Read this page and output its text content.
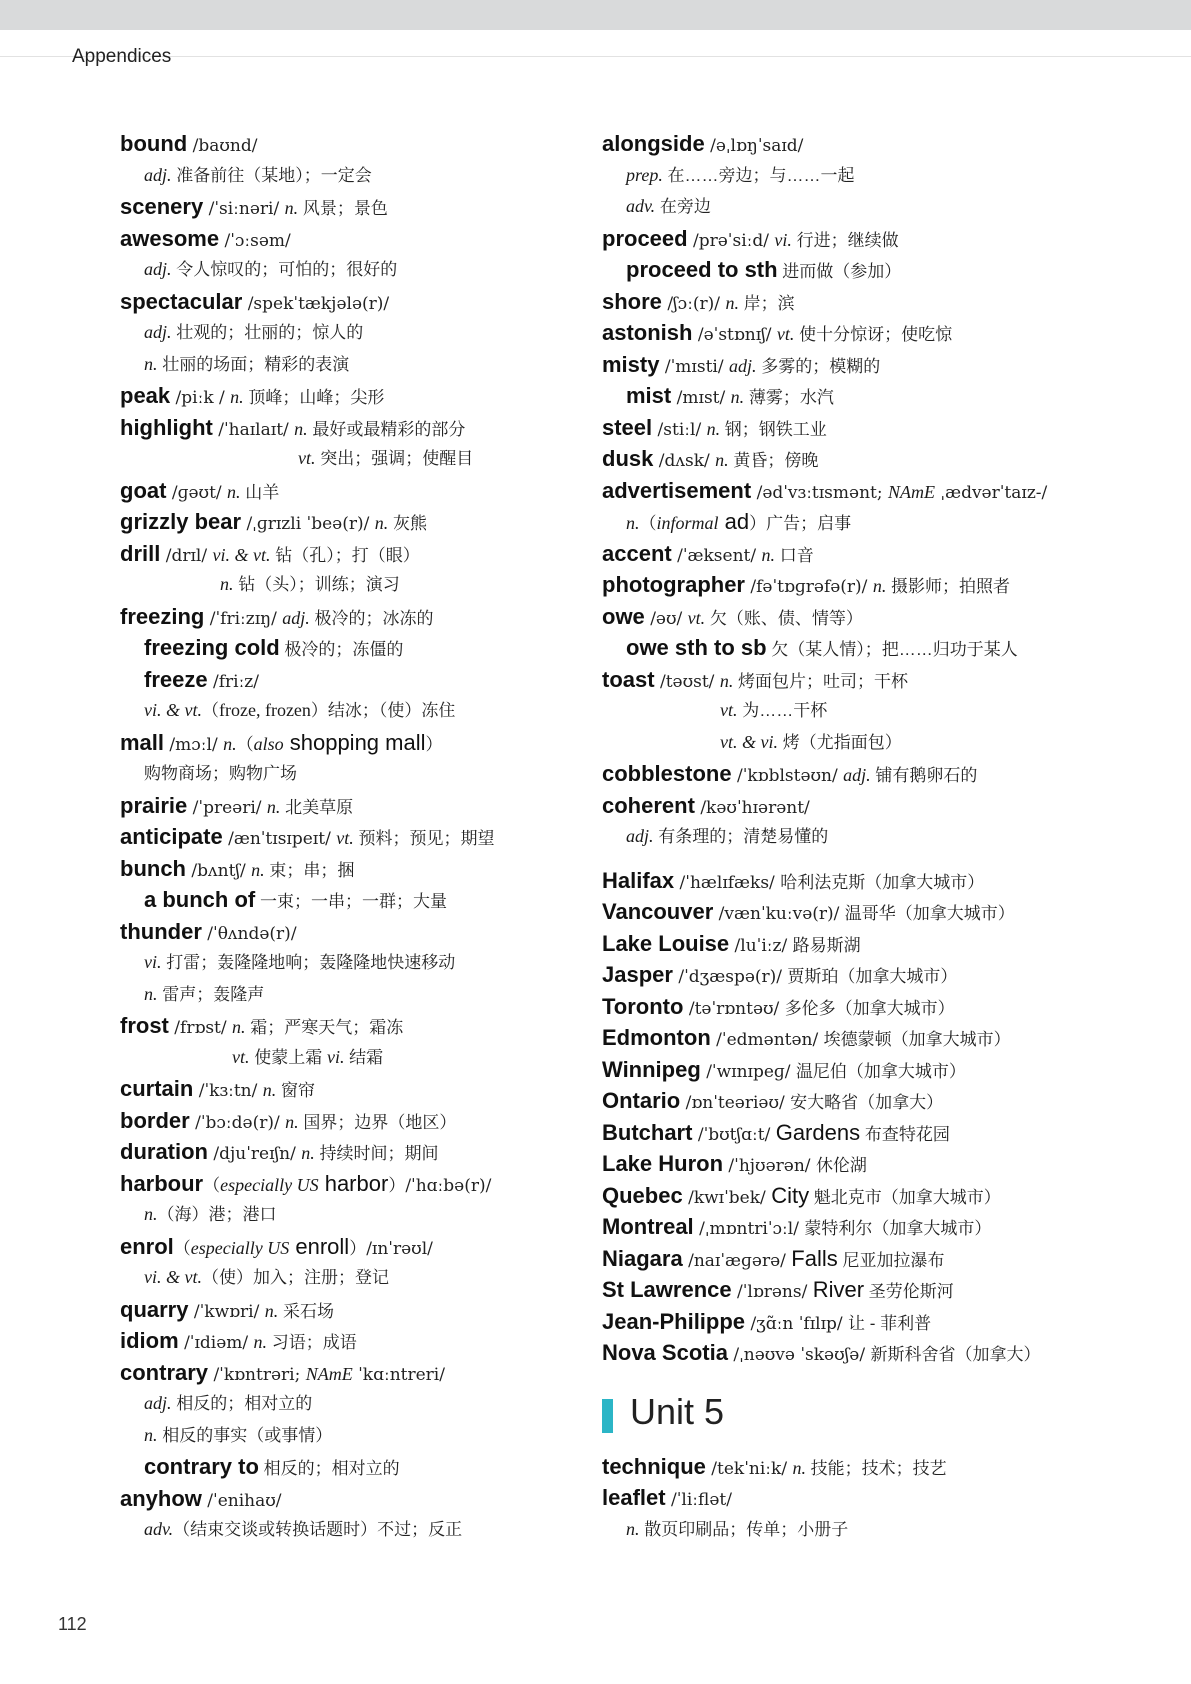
Appendices
bound /baʊnd/
adj. 准备前往（某地）；一定会
scenery /ˈsiːnəri/ n. 风景；景色
awesome /ˈɔːsəm/
adj. 令人惊叹的；可怕的；很好的
spectacular /spekˈtækjələ(r)/
adj. 壮观的；壮丽的；惊人的
n. 壮丽的场面；精彩的表演
peak /piːk / n. 顶峰；山峰；尖形
highlight /ˈhaɪlaɪt/ n. 最好或最精彩的部分
vt. 突出；强调；使醒目
goat /ɡəʊt/ n. 山羊
grizzly bear /ˌɡrɪzli ˈbeə(r)/ n. 灰熊
drill /drɪl/ vi. & vt. 钻（孔）；打（眼）
n. 钻（头）；训练；演习
freezing /ˈfriːzɪŋ/ adj. 极冷的；冰冻的
freezing cold 极冷的；冻僵的
freeze /friːz/
vi. & vt.（froze, frozen）结冰；（使）冻住
mall /mɔːl/ n.（also shopping mall）
购物商场；购物广场
prairie /ˈpreəri/ n. 北美草原
anticipate /ænˈtɪsɪpeɪt/ vt. 预料；预见；期望
bunch /bʌntʃ/ n. 束；串；捆
a bunch of 一束；一串；一群；大量
thunder /ˈθʌndə(r)/
vi. 打雷；轰隆隆地响；轰隆隆地快速移动
n. 雷声；轰隆声
frost /frɒst/ n. 霜；严寒天气；霜冻
vt. 使蒙上霜 vi. 结霜
curtain /ˈkɜːtn/ n. 窗帘
border /ˈbɔːdə(r)/ n. 国界；边界（地区）
duration /djuˈreɪʃn/ n. 持续时间；期间
harbour（especially US harbor）/ˈhɑːbə(r)/
n.（海）港；港口
enrol（especially US enroll）/ɪnˈrəʊl/
vi. & vt.（使）加入；注册；登记
quarry /ˈkwɒri/ n. 采石场
idiom /ˈɪdiəm/ n. 习语；成语
contrary /ˈkɒntrəri; NAmE ˈkɑːntreri/
adj. 相反的；相对立的
n. 相反的事实（或事情）
contrary to 相反的；相对立的
anyhow /ˈenihaʊ/
adv.（结束交谈或转换话题时）不过；反正
alongside /əˌlɒŋˈsaɪd/
prep. 在……旁边；与……一起
adv. 在旁边
proceed /prəˈsiːd/ vi. 行进；继续做
proceed to sth 进而做（参加）
shore /ʃɔː(r)/ n. 岸；滨
astonish /əˈstɒnɪʃ/ vt. 使十分惊讶；使吃惊
misty /ˈmɪsti/ adj. 多雾的；模糊的
mist /mɪst/ n. 薄雾；水汽
steel /stiːl/ n. 钢；钢铁工业
dusk /dʌsk/ n. 黄昏；傍晚
advertisement /ədˈvɜːtɪsmənt; NAmE ˌædvərˈtaɪz-/
n.（informal ad）广告；启事
accent /ˈæksent/ n. 口音
photographer /fəˈtɒɡrəfə(r)/ n. 摄影师；拍照者
owe /əʊ/ vt. 欠（账、债、情等）
owe sth to sb 欠（某人情）；把……归功于某人
toast /təʊst/ n. 烤面包片；吐司；干杯
vt. 为……干杯
vt. & vi. 烤（尤指面包）
cobblestone /ˈkɒblstəʊn/ adj. 铺有鹅卵石的
coherent /kəʊˈhɪərənt/
adj. 有条理的；清楚易懂的
Halifax /ˈhælɪfæks/ 哈利法克斯（加拿大城市）
Vancouver /vænˈkuːvə(r)/ 温哥华（加拿大城市）
Lake Louise /luˈiːz/ 路易斯湖
Jasper /ˈdʒæspə(r)/ 贾斯珀（加拿大城市）
Toronto /təˈrɒntəʊ/ 多伦多（加拿大城市）
Edmonton /ˈedməntən/ 埃德蒙顿（加拿大城市）
Winnipeg /ˈwɪnɪpeɡ/ 温尼伯（加拿大城市）
Ontario /ɒnˈteəriəʊ/ 安大略省（加拿大）
Butchart /ˈbʊtʃɑːt/ Gardens 布查特花园
Lake Huron /ˈhjʊərən/ 休伦湖
Quebec /kwɪˈbek/ City 魁北克市（加拿大城市）
Montreal /ˌmɒntriˈɔːl/ 蒙特利尔（加拿大城市）
Niagara /naɪˈæɡərə/ Falls 尼亚加拉瀑布
St Lawrence /ˈlɒrəns/ River 圣劳伦斯河
Jean-Philippe /ʒɑ̃ːn ˈfɪlɪp/ 让 - 菲利普
Nova Scotia /ˌnəʊvə ˈskəʊʃə/ 新斯科舍省（加拿大）
Unit 5
technique /tekˈniːk/ n. 技能；技术；技艺
leaflet /ˈliːflət/
n. 散页印刷品；传单；小册子
112
